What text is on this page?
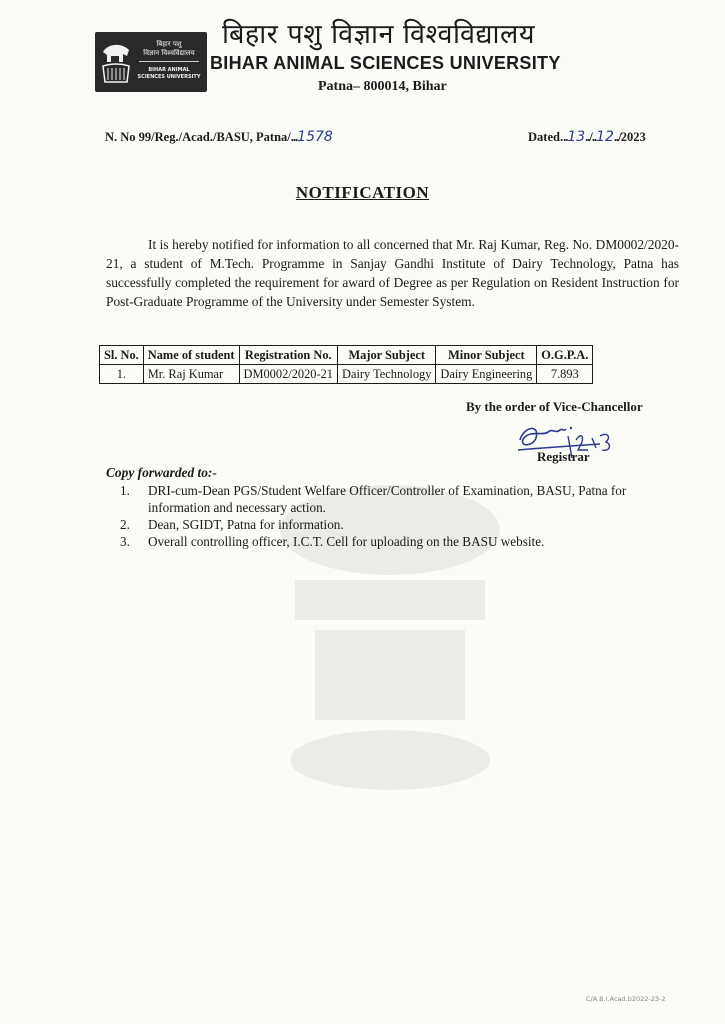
बिहार पशु
विज्ञान विश्वविद्यालय
BIHAR ANIMAL
SCIENCES UNIVERSITY
बिहार पशु विज्ञान विश्वविद्यालय
BIHAR ANIMAL SCIENCES UNIVERSITY
Patna– 800014, Bihar
N. No 99/Reg./Acad./BASU, Patna/...1578	Dated...13../..12../2023
NOTIFICATION
It is hereby notified for information to all concerned that Mr. Raj Kumar, Reg. No. DM0002/2020-21, a student of M.Tech. Programme in Sanjay Gandhi Institute of Dairy Technology, Patna has successfully completed the requirement for award of Degree as per Regulation on Resident Instruction for Post-Graduate Programme of the University under Semester System.
Sl. No.	Name of student	Registration No.	Major Subject	Minor Subject	O.G.P.A.
1.	Mr. Raj Kumar	DM0002/2020-21	Dairy Technology	Dairy Engineering	7.893
By the order of Vice-Chancellor
Registrar
Copy forwarded to:-
1. DRI-cum-Dean PGS/Student Welfare Officer/Controller of Examination, BASU, Patna for information and necessary action.
2. Dean, SGIDT, Patna for information.
3. Overall controlling officer, I.C.T. Cell for uploading on the BASU website.
C/A.B.I.Acad.b2022-23-2
